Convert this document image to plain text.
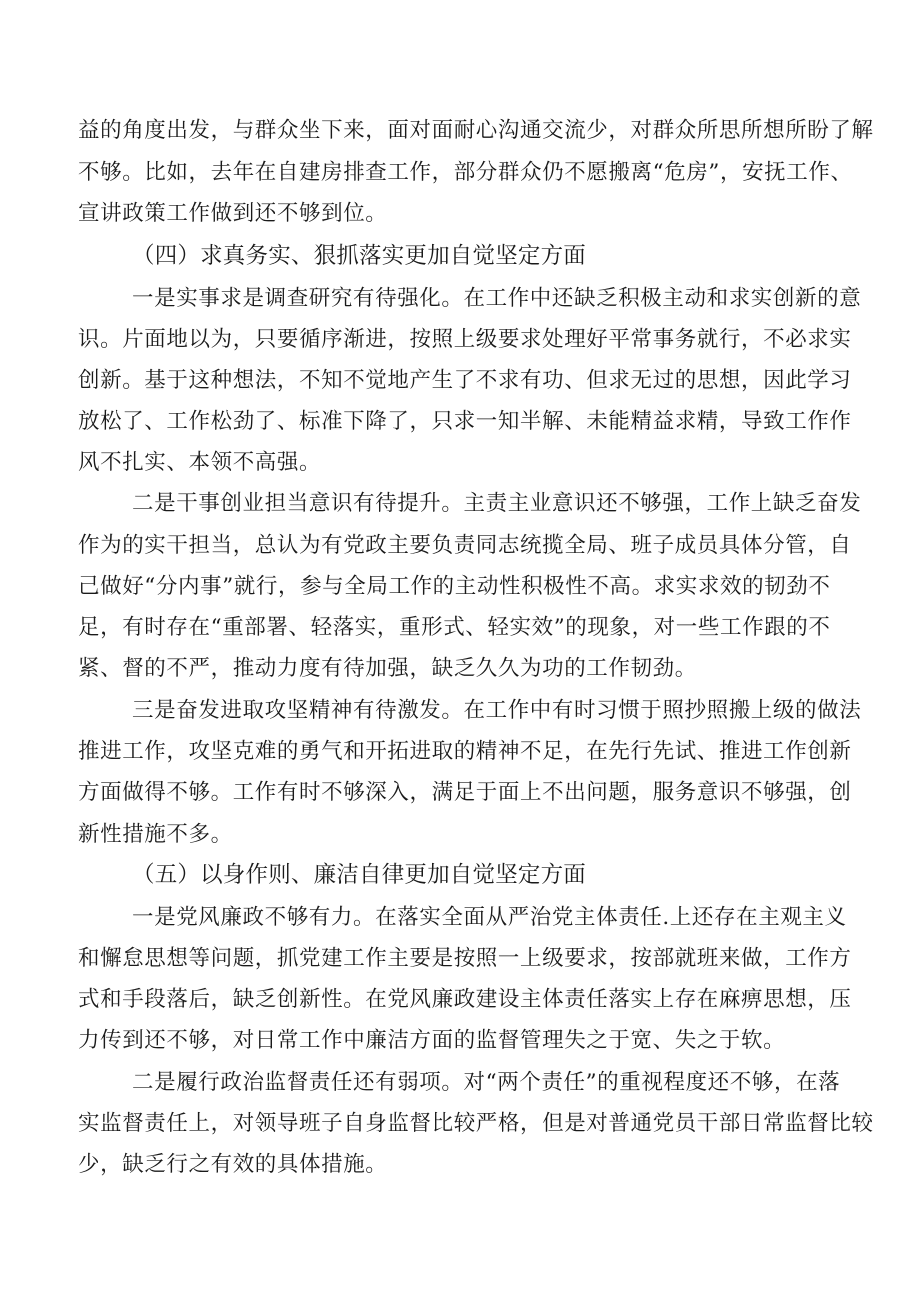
益的角度出发，与群众坐下来，面对面耐心沟通交流少，对群众所思所想所盼了解
不够。比如，去年在自建房排查工作，部分群众仍不愿搬离“危房”，安抚工作、
宣讲政策工作做到还不够到位。
（四）求真务实、狠抓落实更加自觉坚定方面
一是实事求是调查研究有待强化。在工作中还缺乏积极主动和求实创新的意
识。片面地以为，只要循序渐进，按照上级要求处理好平常事务就行，不必求实
创新。基于这种想法，不知不觉地产生了不求有功、但求无过的思想，因此学习
放松了、工作松劲了、标准下降了，只求一知半解、未能精益求精，导致工作作
风不扎实、本领不高强。
二是干事创业担当意识有待提升。主责主业意识还不够强，工作上缺乏奋发
作为的实干担当，总认为有党政主要负责同志统揽全局、班子成员具体分管，自
己做好“分内事”就行，参与全局工作的主动性积极性不高。求实求效的韧劲不
足，有时存在“重部署、轻落实，重形式、轻实效”的现象，对一些工作跟的不
紧、督的不严，推动力度有待加强，缺乏久久为功的工作韧劲。
三是奋发进取攻坚精神有待激发。在工作中有时习惯于照抄照搬上级的做法
推进工作，攻坚克难的勇气和开拓进取的精神不足，在先行先试、推进工作创新
方面做得不够。工作有时不够深入，满足于面上不出问题，服务意识不够强，创
新性措施不多。
（五）以身作则、廉洁自律更加自觉坚定方面
一是党风廉政不够有力。在落实全面从严治党主体责任.上还存在主观主义
和懈怠思想等问题，抓党建工作主要是按照一上级要求，按部就班来做，工作方
式和手段落后，缺乏创新性。在党风廉政建设主体责任落实上存在麻痹思想，压
力传到还不够，对日常工作中廉洁方面的监督管理失之于宽、失之于软。
二是履行政治监督责任还有弱项。对“两个责任”的重视程度还不够，在落
实监督责任上，对领导班子自身监督比较严格，但是对普通党员干部日常监督比较
少，缺乏行之有效的具体措施。
